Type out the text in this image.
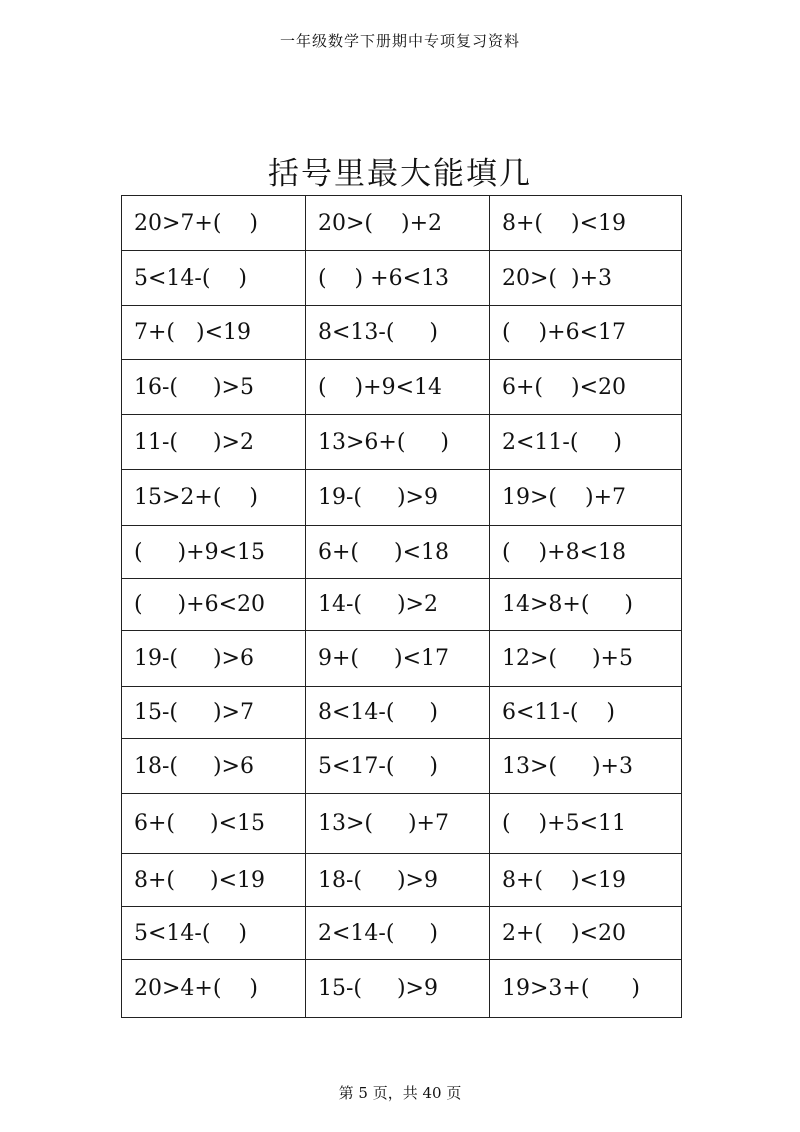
一年级数学下册期中专项复习资料
括号里最大能填几
20>7+(    )	20>(    )+2	8+(    )<19
5<14-(    )	(    ) +6<13	20>(  )+3
7+(   )<19	8<13-(     )	(    )+6<17
16-(     )>5	(    )+9<14	6+(    )<20
11-(     )>2	13>6+(     )	2<11-(     )
15>2+(    )	19-(     )>9	19>(    )+7
(     )+9<15	6+(     )<18	(    )+8<18
(     )+6<20	14-(     )>2	14>8+(     )
19-(     )>6	9+(     )<17	12>(     )+5
15-(     )>7	8<14-(     )	6<11-(    )
18-(     )>6	5<17-(     )	13>(     )+3
6+(     )<15	13>(     )+7	(    )+5<11
8+(     )<19	18-(     )>9	8+(    )<19
5<14-(    )	2<14-(     )	2+(    )<20
20>4+(    )	15-(     )>9	19>3+(      )
第 5 页，共 40 页
